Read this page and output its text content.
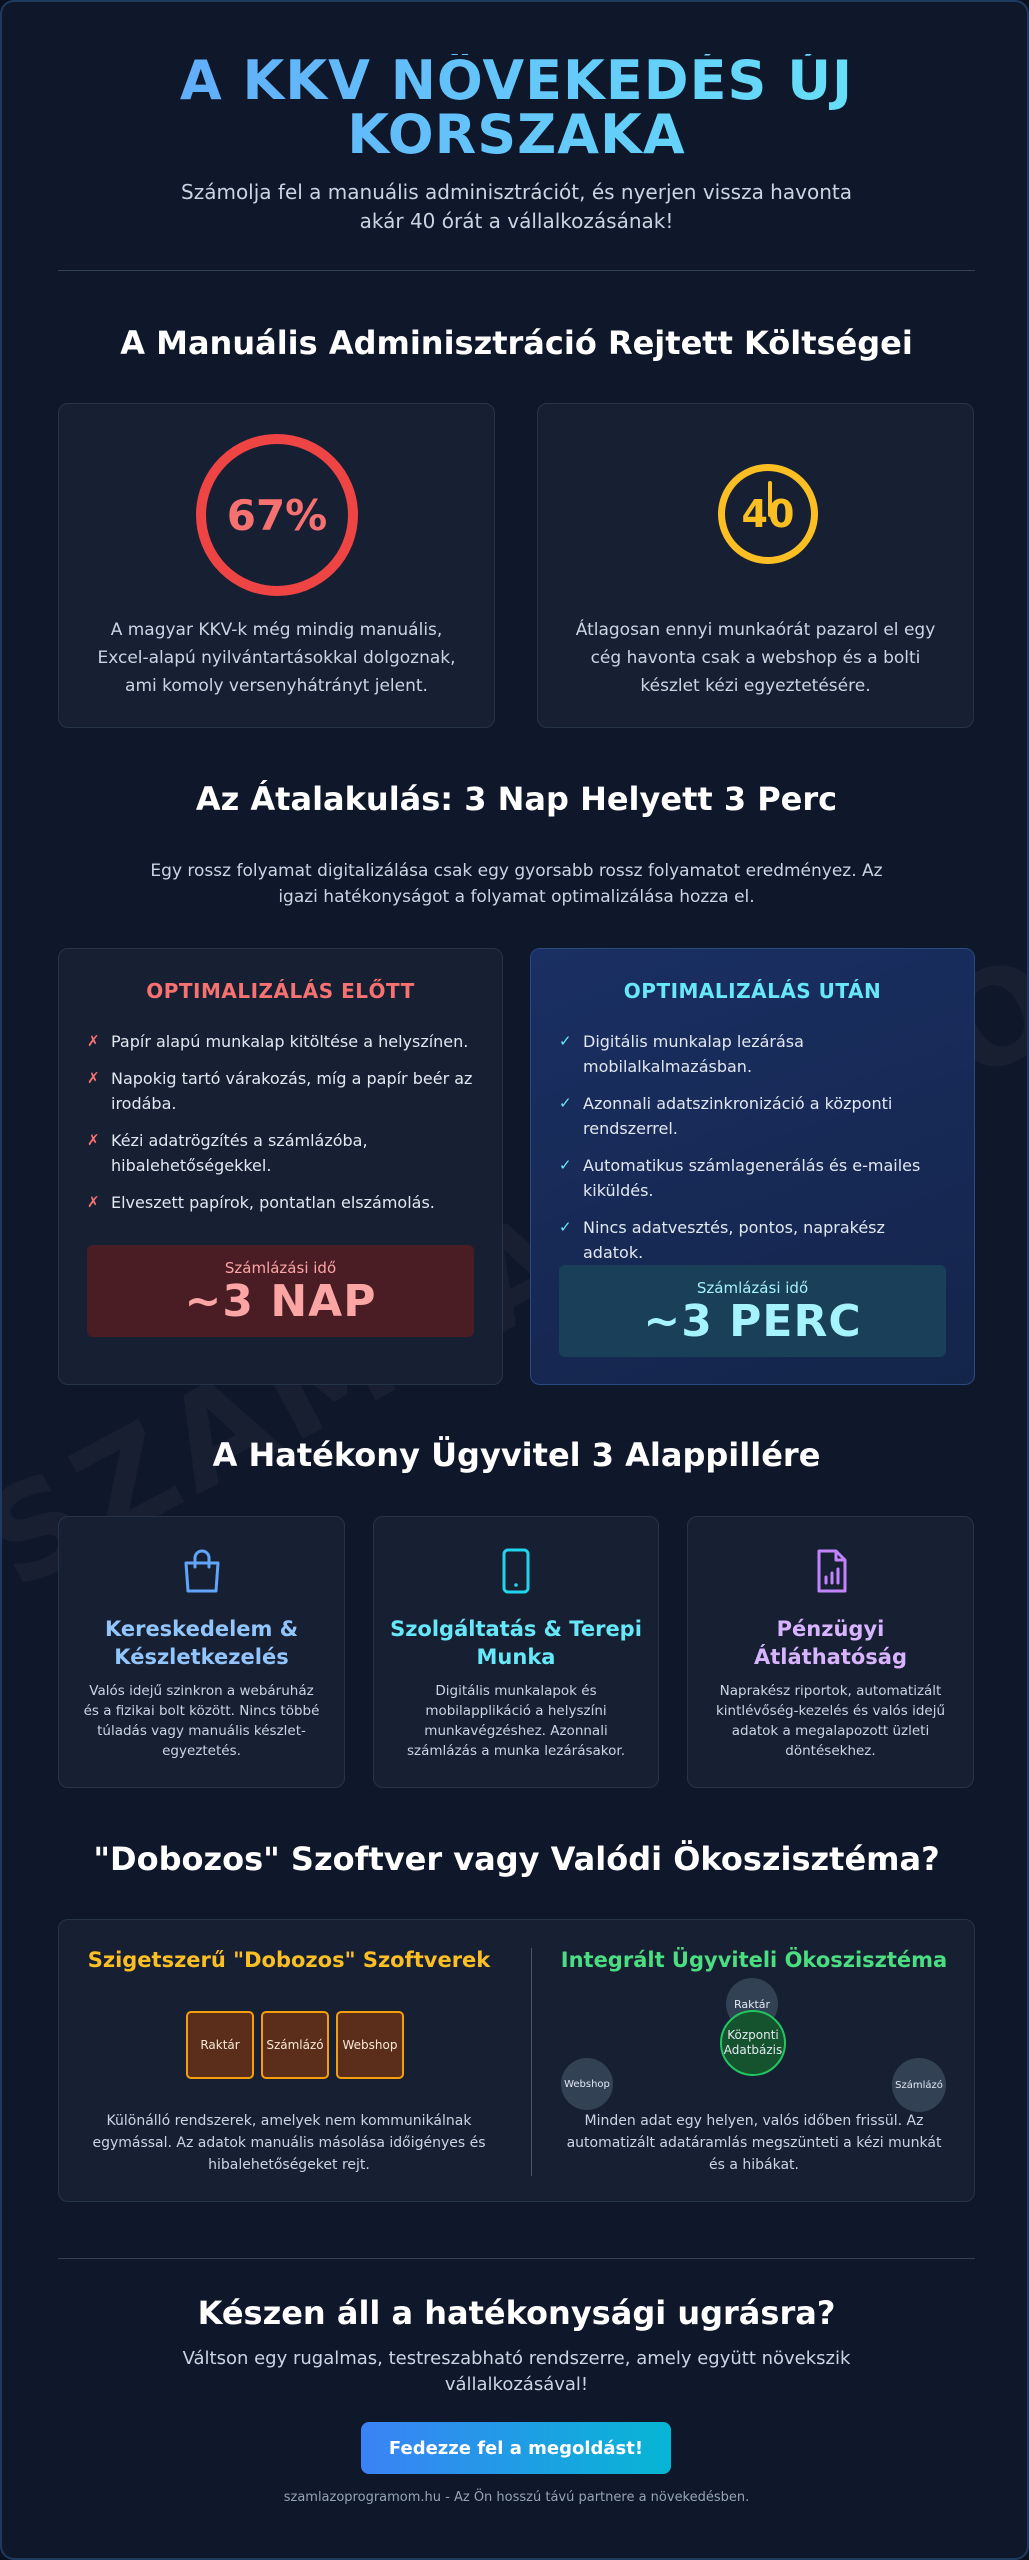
A KKV NÖVEKEDÉS ÚJ KORSZAKA

Számolja fel a manuális adminisztrációt, és nyerjen vissza havonta akár 40 órát a vállalkozásának!

A Manuális Adminisztráció Rejtett Költségei
67%
A magyar KKV-k még mindig manuális, Excel-alapú nyilvántartásokkal dolgoznak, ami komoly versenyhátrányt jelent.
40
Átlagosan ennyi munkaórát pazarol el egy cég havonta csak a webshop és a bolti készlet kézi egyeztetésére.
Az Átalakulás: 3 Nap Helyett 3 Perc
Egy rossz folyamat digitalizálása csak egy gyorsabb rossz folyamatot eredményez. Az igazi hatékonyságot a folyamat optimalizálása hozza el.
OPTIMALIZÁLÁS ELŐTT
✗ Papír alapú munkalap kitöltése a helyszínen.
✗ Napokig tartó várakozás, míg a papír beér az irodába.
✗ Kézi adatrögzítés a számlázóba, hibalehetőségekkel.
✗ Elveszett papírok, pontatlan elszámolás.
Számlázási idő
~3 NAP
OPTIMALIZÁLÁS UTÁN
✓ Digitális munkalap lezárása mobilalkalmazásban.
✓ Azonnali adatszinkronizáció a központi rendszerrel.
✓ Automatikus számlagenerálás és e-mailes kiküldés.
✓ Nincs adatvesztés, pontos, naprakész adatok.
Számlázási idő
~3 PERC
A Hatékony Ügyvitel 3 Alappillére
Kereskedelem & Készletkezelés
Valós idejű szinkron a webáruház és a fizikai bolt között. Nincs többé túladás vagy manuális készlet-egyeztetés.
Szolgáltatás & Terepi Munka
Digitális munkalapok és mobilapplikáció a helyszíni munkavégzéshez. Azonnali számlázás a munka lezárásakor.
Pénzügyi Átláthatóság
Naprakész riportok, automatizált kintlévőség-kezelés és valós idejű adatok a megalapozott üzleti döntésekhez.
"Dobozos" Szoftver vagy Valódi Ökoszisztéma?
Szigetszerű "Dobozos" Szoftverek
Raktár	Számlázó	Webshop
Különálló rendszerek, amelyek nem kommunikálnak egymással. Az adatok manuális másolása időigényes és hibalehetőségeket rejt.
Integrált Ügyviteli Ökoszisztéma
Raktár
Központi Adatbázis
Webshop	Számlázó
Minden adat egy helyen, valós időben frissül. Az automatizált adatáramlás megszünteti a kézi munkát és a hibákat.
Készen áll a hatékonysági ugrásra?
Váltson egy rugalmas, testreszabható rendszerre, amely együtt növekszik vállalkozásával!
Fedezze fel a megoldást!
szamlazoprogramom.hu - Az Ön hosszú távú partnere a növekedésben.
